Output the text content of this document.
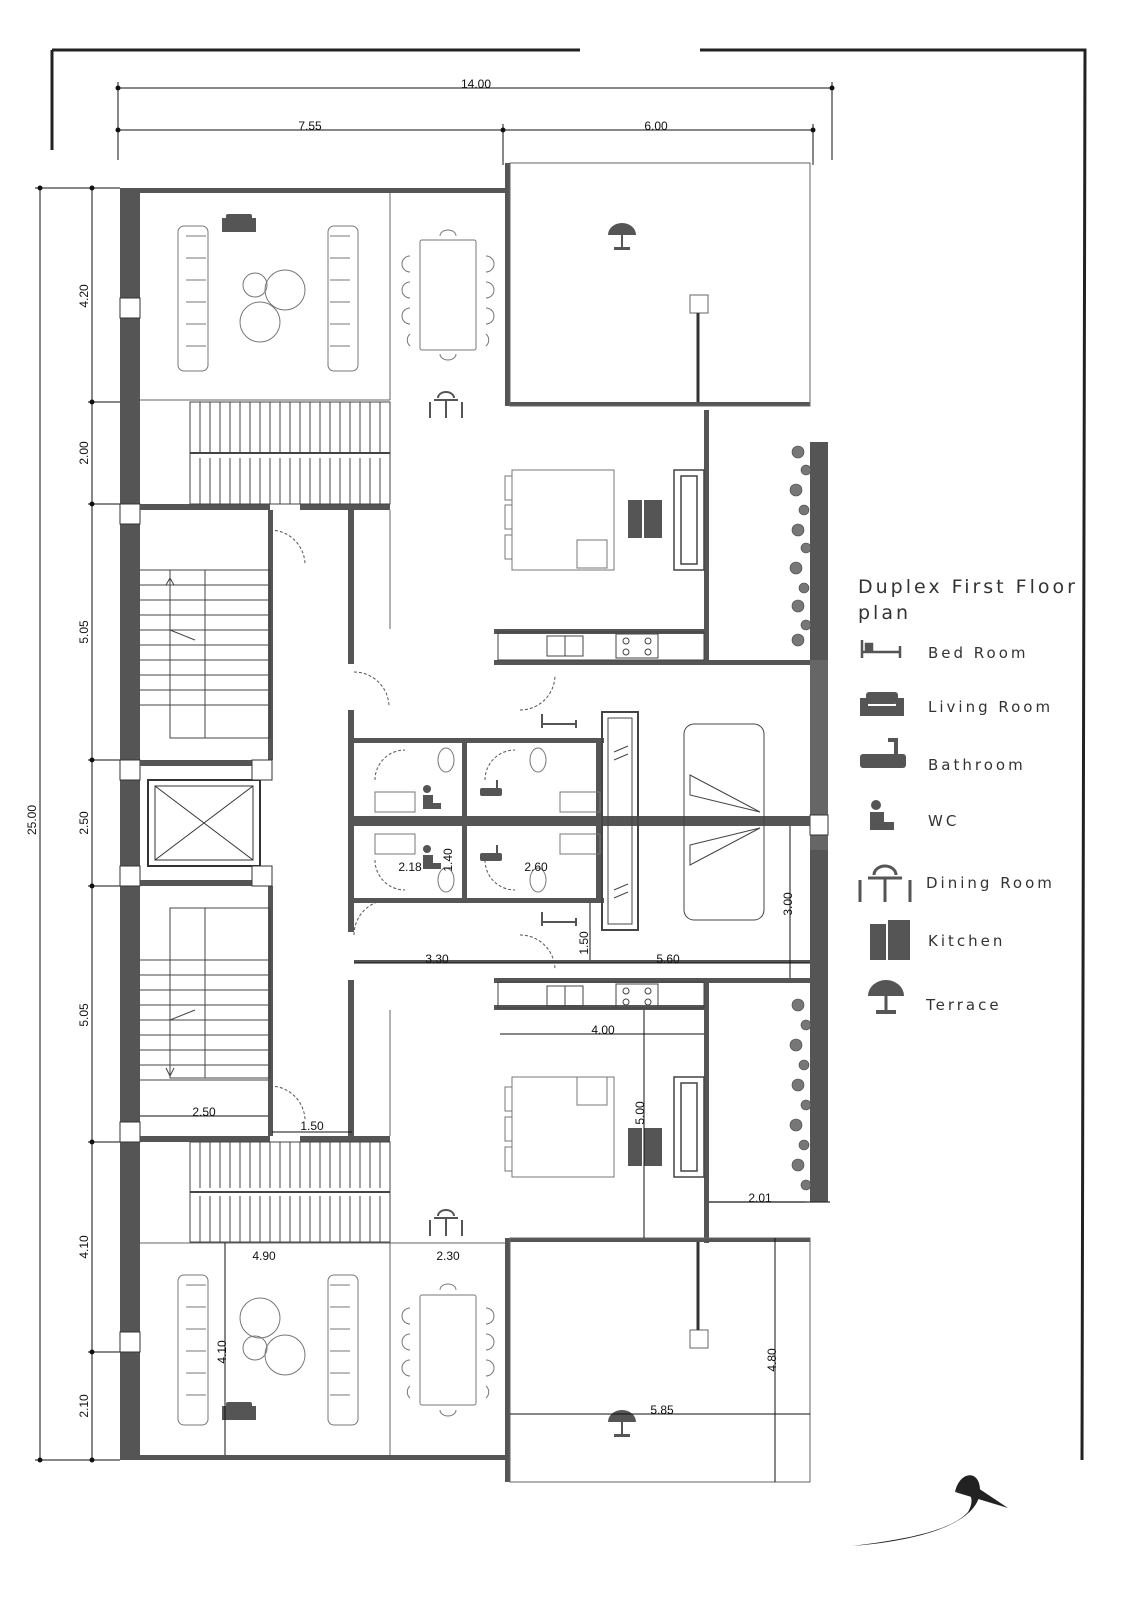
14.00
7.55	6.00
25.00
4.20
2.00
5.05
2.50
5.05
4.10
2.10
2.18	2.60
1.40
3.30	5.60
1.50
3.00
4.00
5.00
2.01
2.50
1.50
4.90	2.30
4.10
5.85
4.80
Duplex First Floor
plan
Bed Room
Living Room
Bathroom
WC
Dining Room
Kitchen
Terrace
